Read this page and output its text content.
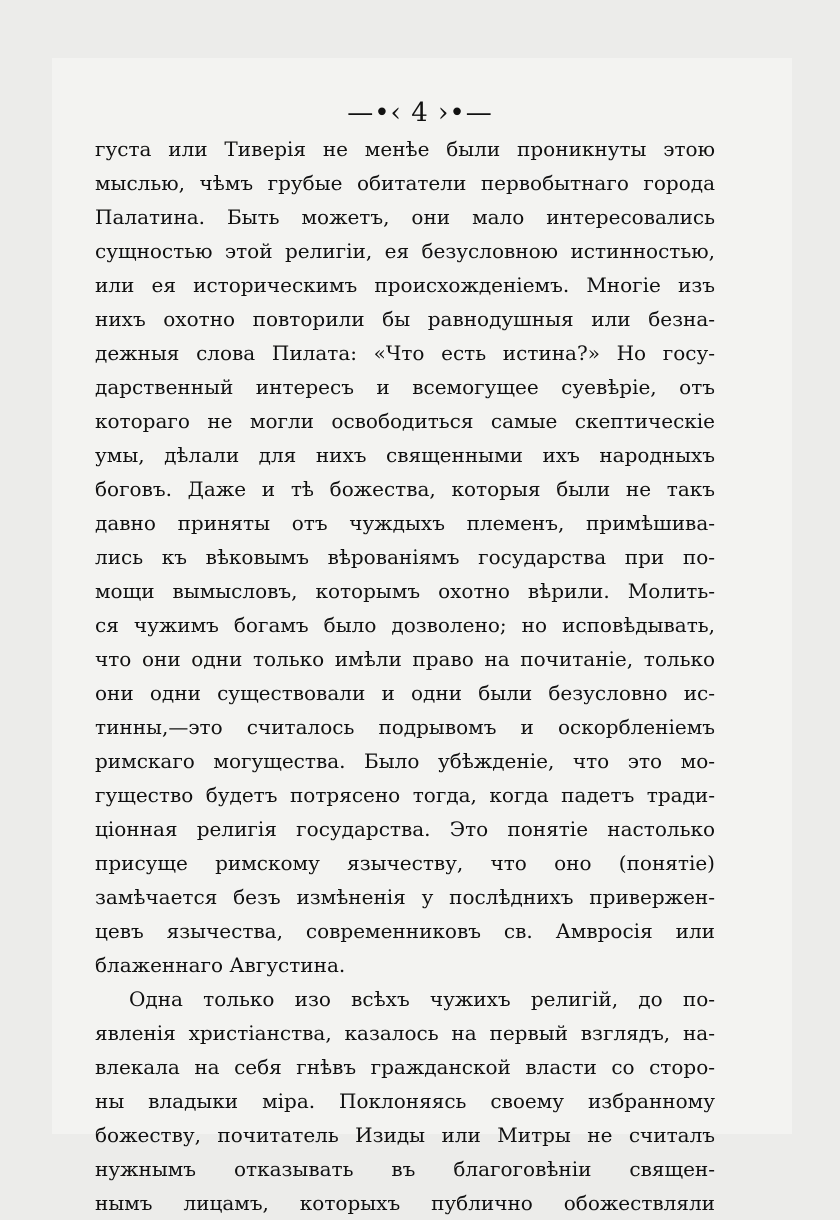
—•‹ 4 ›•—
густа или Тиверія не менѣе были проникнуты этою
мыслью, чѣмъ грубые обитатели первобытнаго города
Палатина. Быть можетъ, они мало интересовались
сущностью этой религіи, ея безусловною истинностью,
или ея историческимъ происхожденіемъ. Многіе изъ
нихъ охотно повторили бы равнодушныя или безна-
дежныя слова Пилата: «Что есть истина?» Но госу-
дарственный интересъ и всемогущее суевѣріе, отъ
котораго не могли освободиться самые скептическіе
умы, дѣлали для нихъ священными ихъ народныхъ
боговъ. Даже и тѣ божества, которыя были не такъ
давно приняты отъ чуждыхъ племенъ, примѣшива-
лись къ вѣковымъ вѣрованіямъ государства при по-
мощи вымысловъ, которымъ охотно вѣрили. Молить-
ся чужимъ богамъ было дозволено; но исповѣдывать,
что они одни только имѣли право на почитаніе, только
они одни существовали и одни были безусловно ис-
тинны,—это считалось подрывомъ и оскорбленіемъ
римскаго могущества. Было убѣжденіе, что это мо-
гущество будетъ потрясено тогда, когда падетъ тради-
ціонная религія государства. Это понятіе настолько
присуще римскому язычеству, что оно (понятіе)
замѣчается безъ измѣненія у послѣднихъ привержен-
цевъ язычества, современниковъ св. Амвросія или
блаженнаго Августина.
Одна только изо всѣхъ чужихъ религій, до по-
явленія христіанства, казалось на первый взглядъ, на-
влекала на себя гнѣвъ гражданской власти со сторо-
ны владыки міра. Поклоняясь своему избранному
божеству, почитатель Изиды или Митры не считалъ
нужнымъ отказывать въ благоговѣніи священ-
нымъ лицамъ, которыхъ публично обожествляли
